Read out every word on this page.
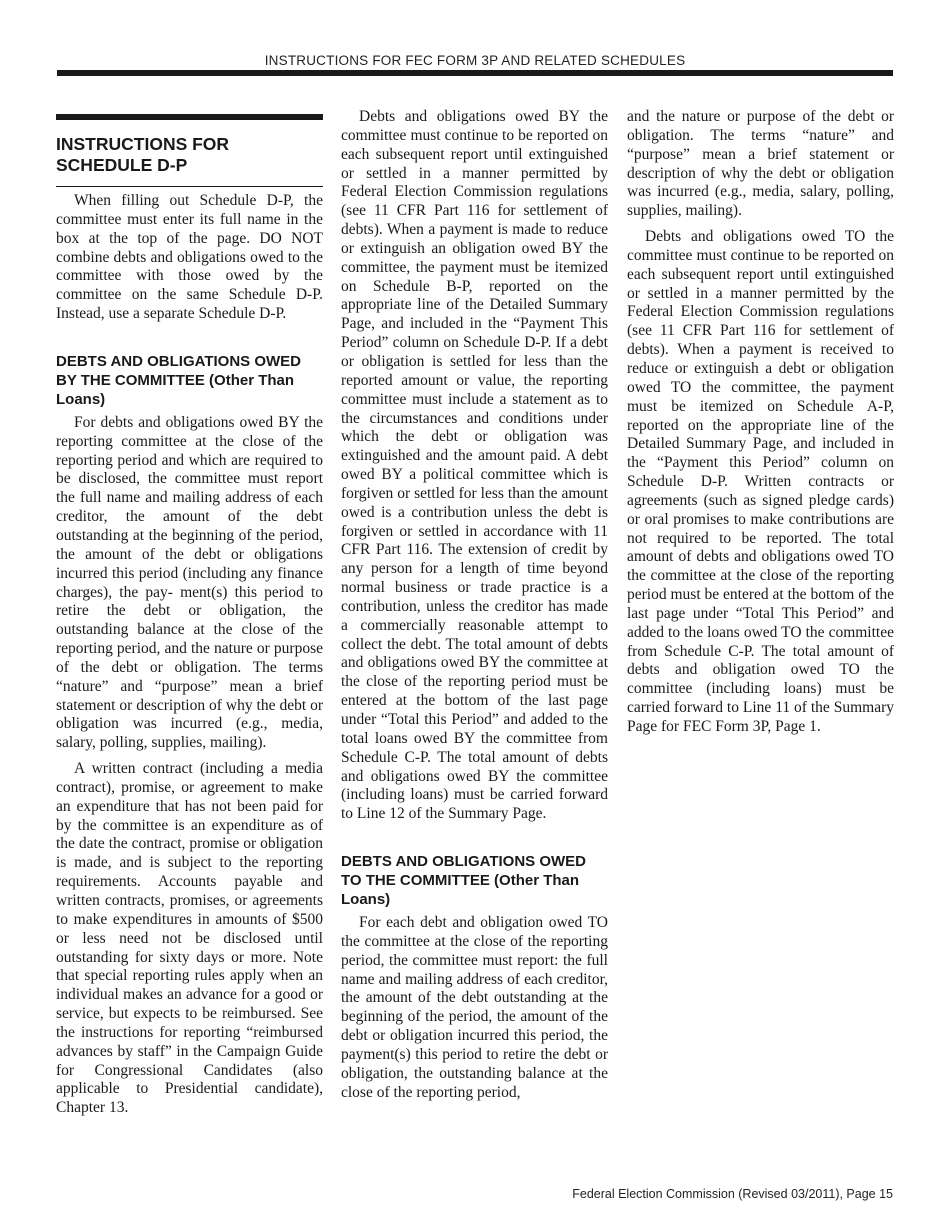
INSTRUCTIONS FOR FEC FORM 3P AND RELATED SCHEDULES
INSTRUCTIONS FOR SCHEDULE D-P

When filling out Schedule D-P, the committee must enter its full name in the box at the top of the page. DO NOT combine debts and obligations owed to the committee with those owed by the committee on the same Schedule D-P. Instead, use a separate Schedule D-P.

DEBTS AND OBLIGATIONS OWED BY THE COMMITTEE (Other Than Loans)

For debts and obligations owed BY the reporting committee at the close of the reporting period and which are required to be disclosed, the committee must report the full name and mailing address of each creditor, the amount of the debt outstanding at the beginning of the period, the amount of the debt or obligations incurred this period (including any finance charges), the pay- ment(s) this period to retire the debt or obligation, the outstanding balance at the close of the reporting period, and the nature or purpose of the debt or obligation. The terms “nature” and “purpose” mean a brief statement or description of why the debt or obligation was incurred (e.g., media, salary, polling, supplies, mailing).

A written contract (including a media contract), promise, or agreement to make an expenditure that has not been paid for by the committee is an expenditure as of the date the contract, promise or obligation is made, and is subject to the reporting requirements. Accounts payable and written contracts, promises, or agreements to make expenditures in amounts of $500 or less need not be disclosed until outstanding for sixty days or more. Note that special reporting rules apply when an individual makes an advance for a good or service, but expects to be reimbursed. See the instructions for reporting “reimbursed advances by staff” in the Campaign Guide for Congressional Candidates (also applicable to Presidential candidate), Chapter 13.

Debts and obligations owed BY the committee must continue to be reported on each subsequent report until extinguished or settled in a manner permitted by Federal Election Commission regulations (see 11 CFR Part 116 for settlement of debts). When a payment is made to reduce or extinguish an obligation owed BY the committee, the payment must be itemized on Schedule B-P, reported on the appropriate line of the Detailed Summary Page, and included in the “Payment This Period” column on Schedule D-P. If a debt or obligation is settled for less than the reported amount or value, the reporting committee must include a statement as to the circumstances and conditions under which the debt or obligation was extinguished and the amount paid. A debt owed BY a political committee which is forgiven or settled for less than the amount owed is a contribution unless the debt is forgiven or settled in accordance with 11 CFR Part 116. The extension of credit by any person for a length of time beyond normal business or trade practice is a contribution, unless the creditor has made a commercially reasonable attempt to collect the debt. The total amount of debts and obligations owed BY the committee at the close of the reporting period must be entered at the bottom of the last page under “Total this Period” and added to the total loans owed BY the committee from Schedule C-P. The total amount of debts and obligations owed BY the committee (including loans) must be carried forward to Line 12 of the Summary Page.

DEBTS AND OBLIGATIONS OWED TO THE COMMITTEE (Other Than Loans)

For each debt and obligation owed TO the committee at the close of the reporting period, the committee must report: the full name and mailing address of each creditor, the amount of the debt outstanding at the beginning of the period, the amount of the debt or obligation incurred this period, the payment(s) this period to retire the debt or obligation, the outstanding balance at the close of the reporting period,

and the nature or purpose of the debt or obligation. The terms “nature” and “purpose” mean a brief statement or description of why the debt or obligation was incurred (e.g., media, salary, polling, supplies, mailing).

Debts and obligations owed TO the committee must continue to be reported on each subsequent report until extinguished or settled in a manner permitted by the Federal Election Commission regulations (see 11 CFR Part 116 for settlement of debts). When a payment is received to reduce or extinguish a debt or obligation owed TO the committee, the payment must be itemized on Schedule A-P, reported on the appropriate line of the Detailed Summary Page, and included in the “Payment this Period” column on Schedule D-P. Written contracts or agreements (such as signed pledge cards) or oral promises to make contributions are not required to be reported. The total amount of debts and obligations owed TO the committee at the close of the reporting period must be entered at the bottom of the last page under “Total This Period” and added to the loans owed TO the committee from Schedule C-P. The total amount of debts and obligation owed TO the committee (including loans) must be carried forward to Line 11 of the Summary Page for FEC Form 3P, Page 1.

Federal Election Commission (Revised 03/2011), Page 15
